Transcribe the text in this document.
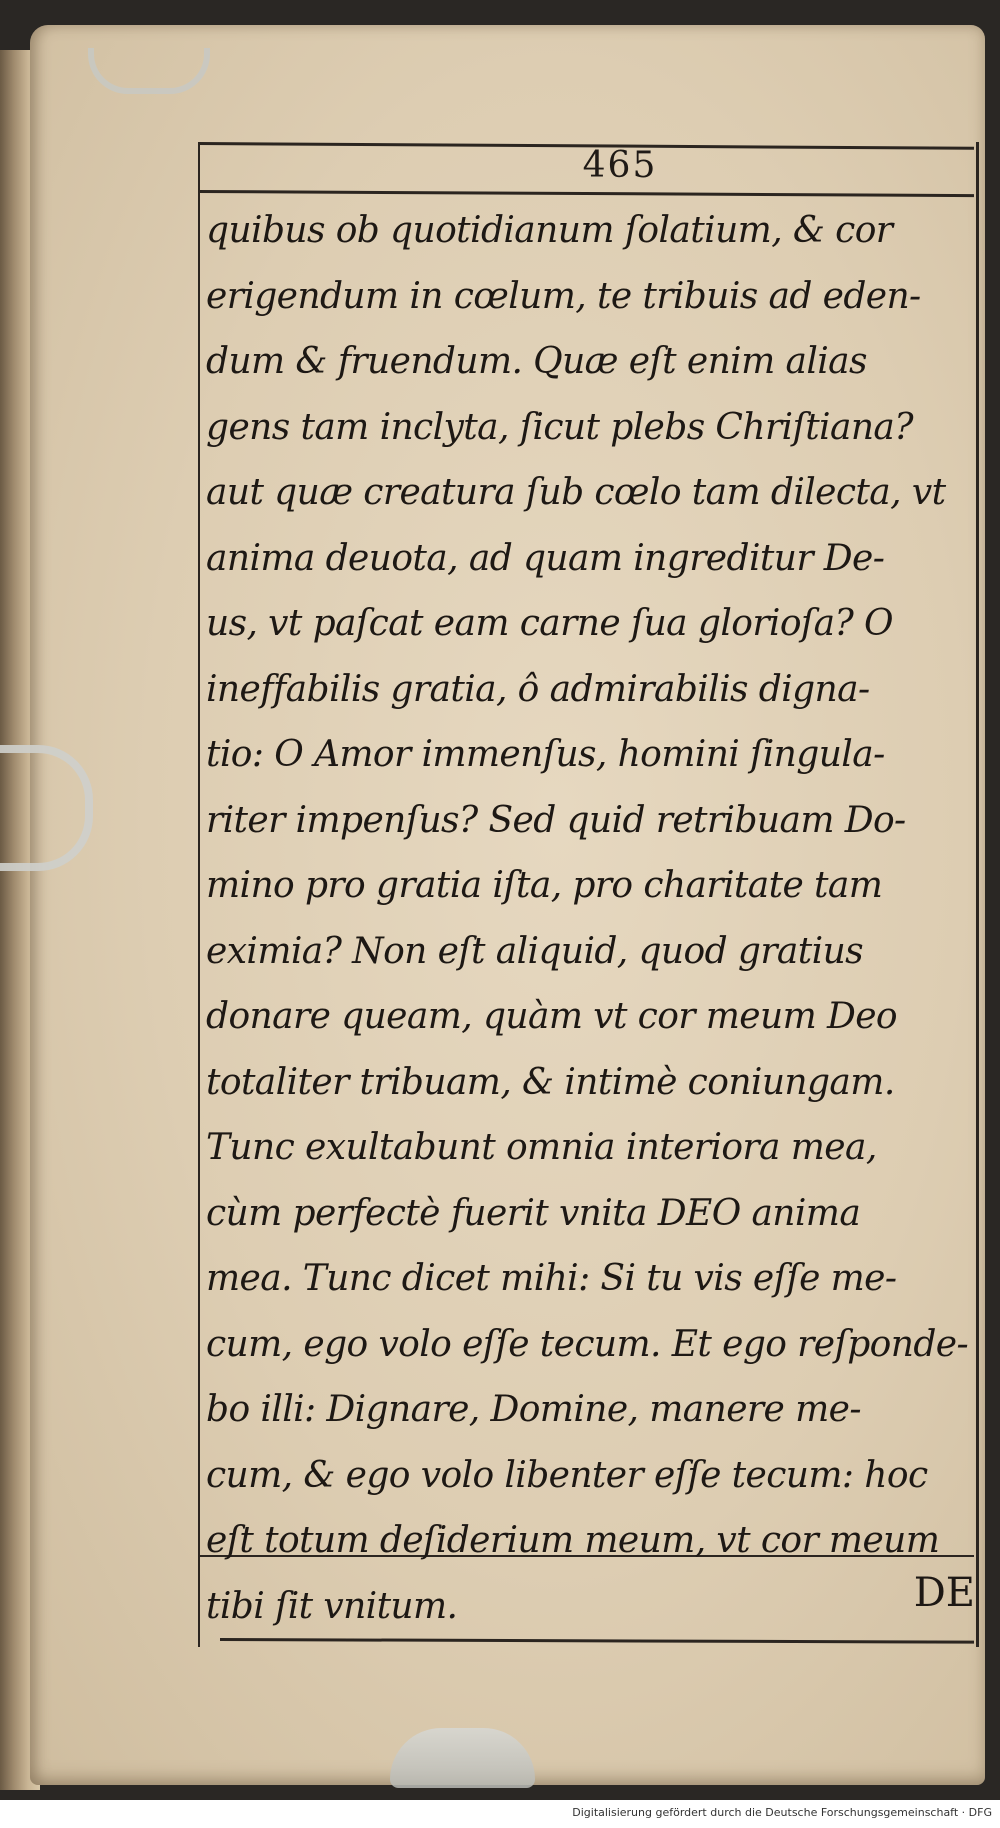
465
quibus ob quotidianum ſolatium, & cor
erigendum in cœlum, te tribuis ad eden-
dum & fruendum. Quæ eſt enim alias
gens tam inclyta, ſicut plebs Chriſtiana?
aut quæ creatura ſub cœlo tam dilecta, vt
anima deuota, ad quam ingreditur De-
us, vt paſcat eam carne ſua glorioſa? O
ineffabilis gratia, ô admirabilis digna-
tio: O Amor immenſus, homini ſingula-
riter impenſus? Sed quid retribuam Do-
mino pro gratia iſta, pro charitate tam
eximia? Non eſt aliquid, quod gratius
donare queam, quàm vt cor meum Deo
totaliter tribuam, & intimè coniungam.
Tunc exultabunt omnia interiora mea,
cùm perfectè fuerit vnita DEO anima
mea. Tunc dicet mihi: Si tu vis eſſe me-
cum, ego volo eſſe tecum. Et ego reſponde-
bo illi: Dignare, Domine, manere me-
cum, & ego volo libenter eſſe tecum: hoc
eſt totum deſiderium meum, vt cor meum
tibi ſit vnitum.	DE
Digitalisierung gefördert durch die Deutsche Forschungsgemeinschaft · DFG
